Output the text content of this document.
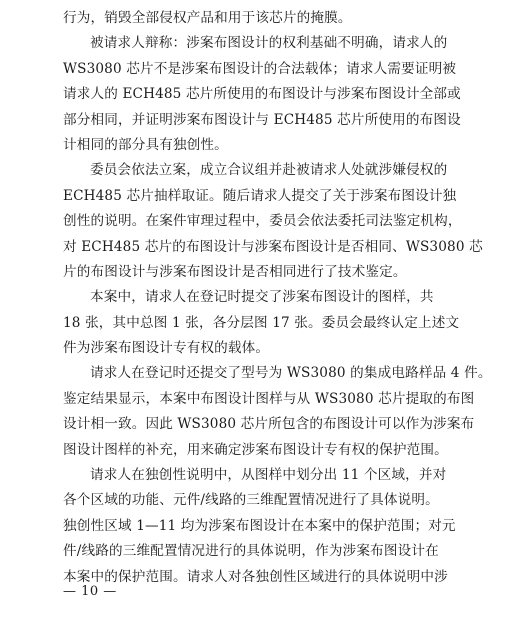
行为，销毁全部侵权产品和用于该芯片的掩膜。
被请求人辩称：涉案布图设计的权利基础不明确，请求人的
WS3080 芯片不是涉案布图设计的合法载体；请求人需要证明被
请求人的 ECH485 芯片所使用的布图设计与涉案布图设计全部或
部分相同，并证明涉案布图设计与 ECH485 芯片所使用的布图设
计相同的部分具有独创性。
委员会依法立案，成立合议组并赴被请求人处就涉嫌侵权的
ECH485 芯片抽样取证。随后请求人提交了关于涉案布图设计独
创性的说明。在案件审理过程中，委员会依法委托司法鉴定机构，
对 ECH485 芯片的布图设计与涉案布图设计是否相同、WS3080 芯
片的布图设计与涉案布图设计是否相同进行了技术鉴定。
本案中，请求人在登记时提交了涉案布图设计的图样，共
18 张，其中总图 1 张，各分层图 17 张。委员会最终认定上述文
件为涉案布图设计专有权的载体。
请求人在登记时还提交了型号为 WS3080 的集成电路样品 4 件。
鉴定结果显示，本案中布图设计图样与从 WS3080 芯片提取的布图
设计相一致。因此 WS3080 芯片所包含的布图设计可以作为涉案布
图设计图样的补充，用来确定涉案布图设计专有权的保护范围。
请求人在独创性说明中，从图样中划分出 11 个区域，并对
各个区域的功能、元件/线路的三维配置情况进行了具体说明。
独创性区域 1—11 均为涉案布图设计在本案中的保护范围；对元
件/线路的三维配置情况进行的具体说明，作为涉案布图设计在
本案中的保护范围。请求人对各独创性区域进行的具体说明中涉
— 10 —
